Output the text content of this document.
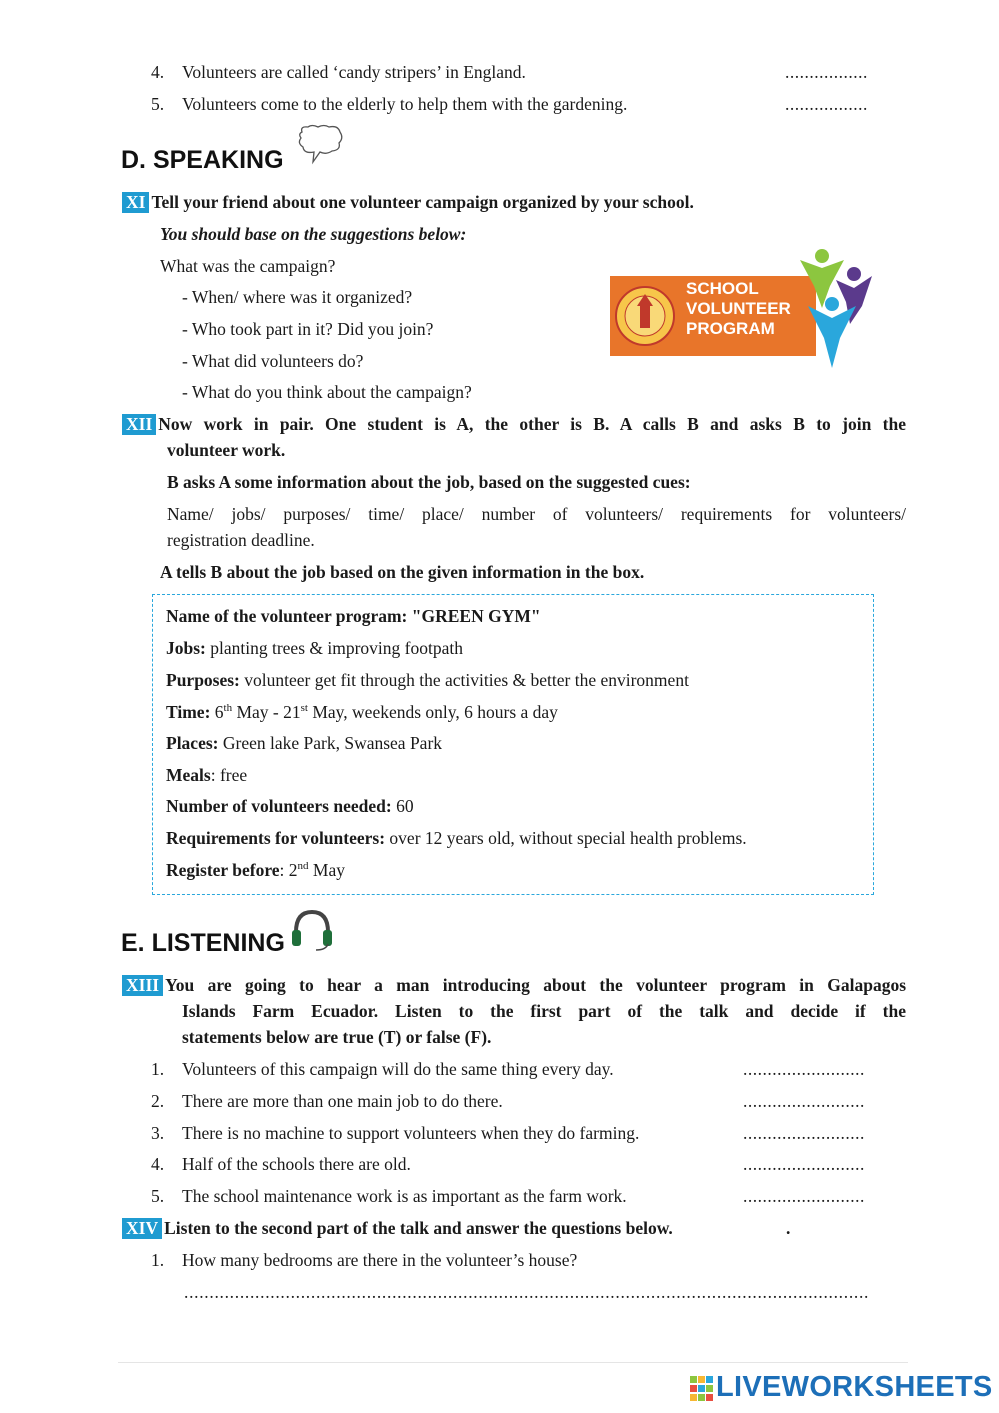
4. Volunteers are called ‘candy stripers’ in England.	.................
5. Volunteers come to the elderly to help them with the gardening.	.................
D. SPEAKING
XI Tell your friend about one volunteer campaign organized by your school.
You should base on the suggestions below:
What was the campaign?
- When/ where was it organized?
- Who took part in it? Did you join?
- What did volunteers do?
- What do you think about the campaign?
SCHOOL
VOLUNTEER
PROGRAM
XII Now work in pair. One student is A, the other is B. A calls B and asks B to join the
volunteer work.
B asks A some information about the job, based on the suggested cues:
Name/ jobs/ purposes/ time/ place/ number of volunteers/ requirements for volunteers/
registration deadline.
A tells B about the job based on the given information in the box.
Name of the volunteer program: "GREEN GYM"
Jobs: planting trees & improving footpath
Purposes: volunteer get fit through the activities & better the environment
Time: 6th May - 21st May, weekends only, 6 hours a day
Places: Green lake Park, Swansea Park
Meals: free
Number of volunteers needed: 60
Requirements for volunteers: over 12 years old, without special health problems.
Register before: 2nd May
E. LISTENING
XIII You are going to hear a man introducing about the volunteer program in Galapagos
Islands Farm Ecuador. Listen to the first part of the talk and decide if the
statements below are true (T) or false (F).
1. Volunteers of this campaign will do the same thing every day.	.........................
2. There are more than one main job to do there.	.........................
3. There is no machine to support volunteers when they do farming.	.........................
4. Half of the schools there are old.	.........................
5. The school maintenance work is as important as the farm work.	.........................
XIV Listen to the second part of the talk and answer the questions below.	.
1. How many bedrooms are there in the volunteer’s house?
.......................................................................................................................................
LIVEWORKSHEETS
